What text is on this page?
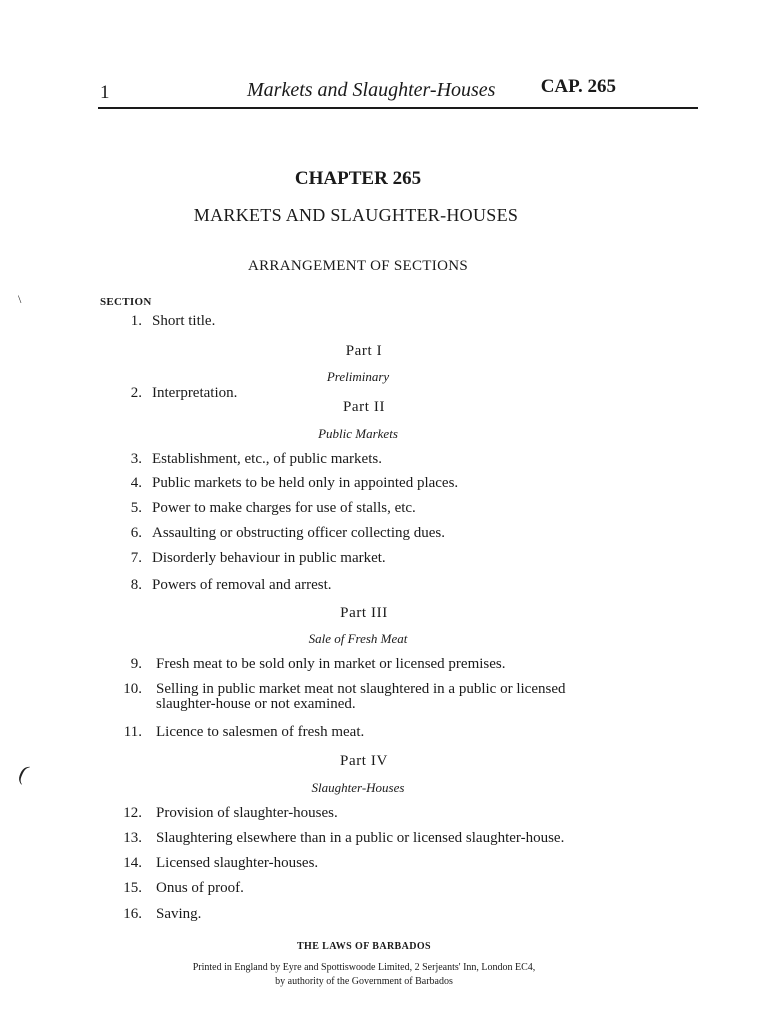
1	Markets and Slaughter-Houses CAP. 265
CHAPTER 265
MARKETS AND SLAUGHTER-HOUSES
ARRANGEMENT OF SECTIONS
SECTION
\
(
1. Short title.
Part I
Preliminary
2. Interpretation.
Part II
Public Markets
3. Establishment, etc., of public markets.
4. Public markets to be held only in appointed places.
5. Power to make charges for use of stalls, etc.
6. Assaulting or obstructing officer collecting dues.
7. Disorderly behaviour in public market.
8. Powers of removal and arrest.
Part III
Sale of Fresh Meat
9. Fresh meat to be sold only in market or licensed premises.
10. Selling in public market meat not slaughtered in a public or licensed
slaughter-house or not examined.
11. Licence to salesmen of fresh meat.
Part IV
Slaughter-Houses
12. Provision of slaughter-houses.
13. Slaughtering elsewhere than in a public or licensed slaughter-house.
14. Licensed slaughter-houses.
15. Onus of proof.
16. Saving.
THE LAWS OF BARBADOS
Printed in England by Eyre and Spottiswoode Limited, 2 Serjeants' Inn, London EC4,
by authority of the Government of Barbados
